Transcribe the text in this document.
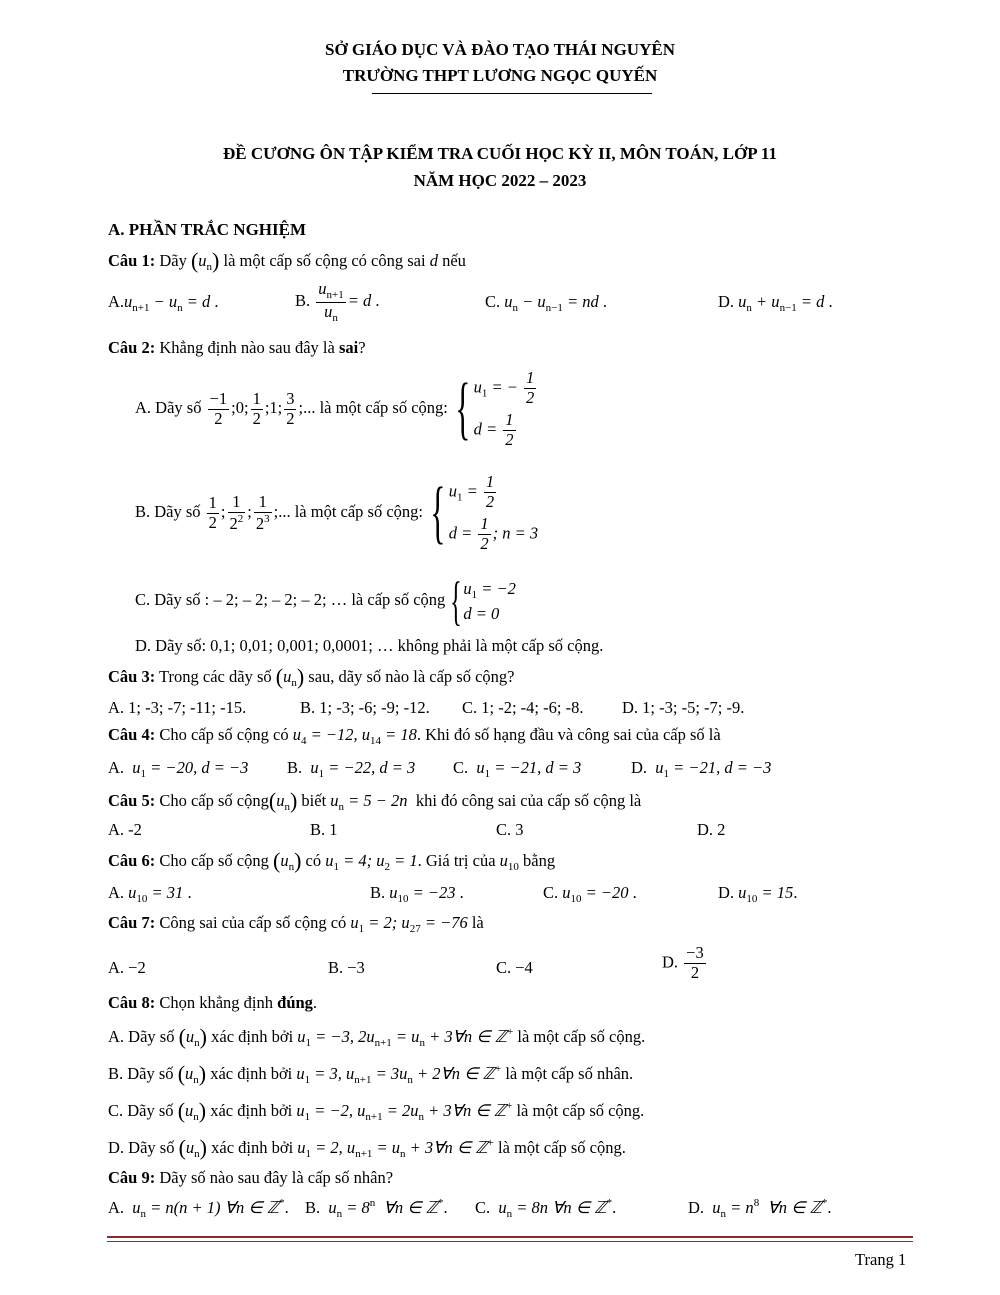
SỞ GIÁO DỤC VÀ ĐÀO TẠO THÁI NGUYÊN
TRƯỜNG THPT LƯƠNG NGỌC QUYẾN
ĐỀ CƯƠNG ÔN TẬP KIỂM TRA CUỐI HỌC KỲ II, MÔN TOÁN, LỚP 11
NĂM HỌC 2022 – 2023
A. PHẦN TRẮC NGHIỆM
Câu 1: Dãy $(u_n)$ là một cấp số cộng có công sai d nếu
$A.u_{n+1} - u_n = d$ .	B. $\frac{u_{n+1}}{u_n} = d$ .	C. $u_n - u_{n-1}$ = nd .	D. $u_n + u_{n-1} = d$ .
Câu 2: Khẳng định nào sau đây là sai?
A. Dãy số $\frac{-1}{2}$ ;0; $\frac{1}{2}$ ;1; $\frac{3}{2}$ ;... là một cấp số cộng: { $u_1$ = − $\frac{1}{2}$
$d = \frac{1}{2}$
B. Dãy số $\frac{1}{2}$ ; $\frac{1}{2^2}$ ; $\frac{1}{2^3}$ ;... là một cấp số cộng: { $u_1 = \frac{1}{2}$
$d = \frac{1}{2}$ ; n = 3
C. Dãy số : – 2; – 2; – 2; – 2; … là cấp số cộng { $u_1 = -2$
d = 0
D. Dãy số: 0,1; 0,01; 0,001; 0,0001; … không phải là một cấp số cộng.
Câu 3: Trong các dãy số $(u_n)$ sau, dãy số nào là cấp số cộng?
A. 1; -3; -7; -11; -15.	B. 1; -3; -6; -9; -12. C. 1; -2; -4; -6; -8. D. 1; -3; -5; -7; -9.
Câu 4: Cho cấp số cộng có $u_4 = -12$, $u_{14} = 18$. Khi đó số hạng đầu và công sai của cấp số là
A.  $u_1 = -20$, d = −3 B.  $u_1 = -22$, d = 3 C.  $u_1 = -21$, d = 3	D.  $u_1 = -21$, d = −3
Câu 5: Cho cấp số $cộng(u_n)$ biết $u_n = 5 - 2n$ khi đó công sai của cấp số cộng là
A. -2	B. 1	C. 3	D. 2
Câu 6: Cho cấp số cộng $(u_n)$ có $u_1 = 4$; $u_2 = 1$. Giá trị của $u_{10}$ bằng
A. $u_{10} = 31$ .	B. $u_{10} = -23$ .	C. $u_{10} = -20$ .	D. $u_{10} = 15$.
Câu 7: Công sai của cấp số cộng có $u_1 = 2$; $u_{27} = -76$ là
A. −2	B. −3	C. −4	D. $\frac{-3}{2}$
Câu 8: Chọn khẳng định đúng.
A. Dãy số $(u_n)$ xác định bởi $u_1 = -3$, $2u_{n+1} = u_n$ + 3∀n ∈ ℤ+ là một cấp số cộng.
B. Dãy số $(u_n)$ xác định bởi $u_1 = 3$, $u_{n+1} = 3u_n$ + 2∀n ∈ ℤ+ là một cấp số nhân.
C. Dãy số $(u_n)$ xác định bởi $u_1 = -2$, $u_{n+1} = 2u_n$ + 3∀n ∈ ℤ+ là một cấp số cộng.
D. Dãy số $(u_n)$ xác định bởi $u_1 = 2$, $u_{n+1} = u_n$ + 3∀n ∈ ℤ+ là một cấp số cộng.
Câu 9: Dãy số nào sau đây là cấp số nhân?
A.  $u_n = n(n + 1)$ ∀n ∈ ℤ*. B.  $u_n = 8^n$  ∀n ∈ ℤ*. C.  $u_n = 8n$ ∀n ∈ ℤ*.	D.  $u_n = n^8$  ∀n ∈ ℤ*.
Trang 1
